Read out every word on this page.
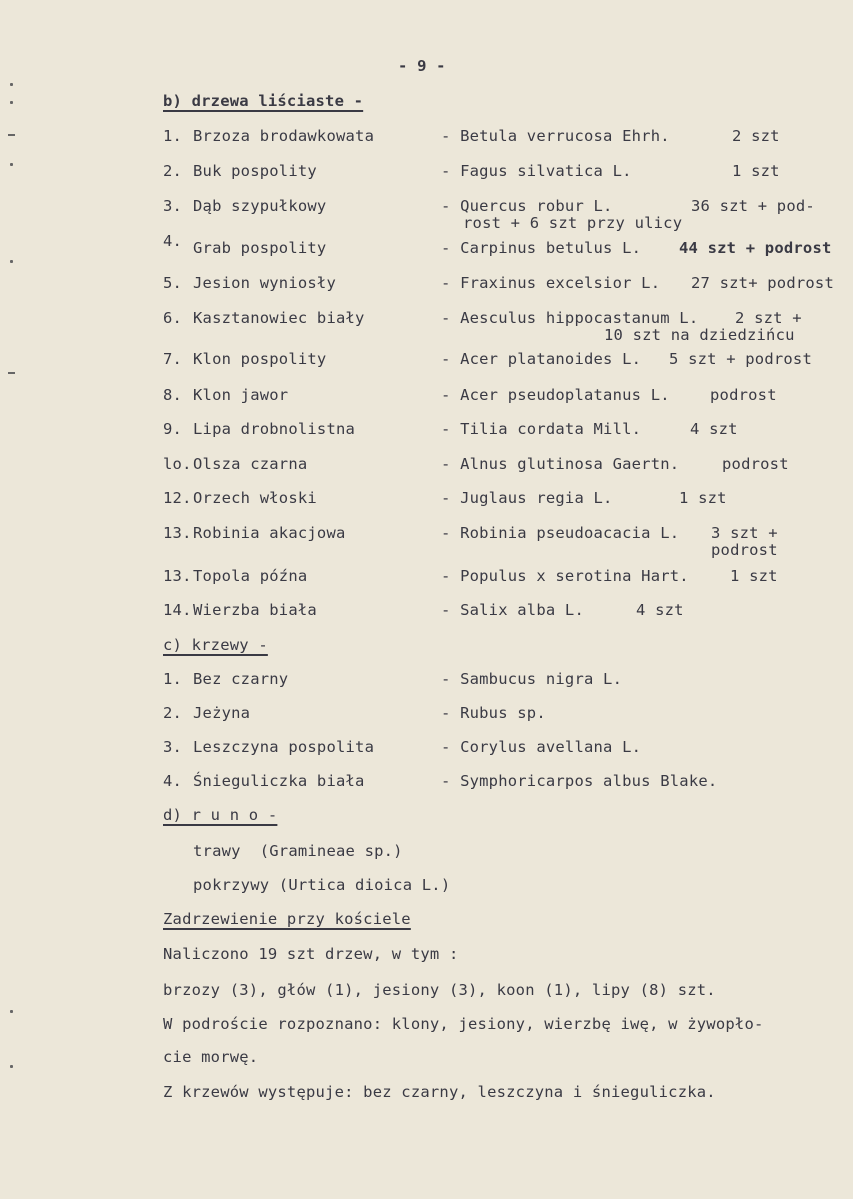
- 9 -
b) drzewa liściaste -
1. Brzoza brodawkowata	- Betula verrucosa Ehrh.	2 szt
2. Buk pospolity	- Fagus silvatica L.	1 szt
3. Dąb szypułkowy	- Quercus robur L.	36 szt + pod-
rost + 6 szt przy ulicy
4. Grab pospolity	- Carpinus betulus L. 44 szt + podrost
5. Jesion wyniosły	- Fraxinus excelsior L. 27 szt+ podrost
6. Kasztanowiec biały	- Aesculus hippocastanum L. 2 szt +
10 szt na dziedzińcu
7. Klon pospolity	- Acer platanoides L. 5 szt + podrost
8. Klon jawor	- Acer pseudoplatanus L.	podrost
9. Lipa drobnolistna	- Tilia cordata Mill.	4 szt
lo. Olsza czarna	- Alnus glutinosa Gaertn.	podrost
12. Orzech włoski	- Juglaus regia L.	1 szt
13. Robinia akacjowa	- Robinia pseudoacacia L. 3 szt +
podrost
13. Topola późna	- Populus x serotina Hart.	1 szt
14. Wierzba biała	- Salix alba L.	4 szt
c) krzewy -
1. Bez czarny	- Sambucus nigra L.
2. Jeżyna	- Rubus sp.
3. Leszczyna pospolita	- Corylus avellana L.
4. Śnieguliczka biała	- Symphoricarpos albus Blake.
d) r u n o -
trawy  (Gramineae sp.)
pokrzywy (Urtica dioica L.)
Zadrzewienie przy kościele
Naliczono 19 szt drzew, w tym :
brzozy (3), głów (1), jesiony (3), koon (1), lipy (8) szt.
W podroście rozpoznano: klony, jesiony, wierzbę iwę, w żywopło-
cie morwę.
Z krzewów występuje: bez czarny, leszczyna i śnieguliczka.
